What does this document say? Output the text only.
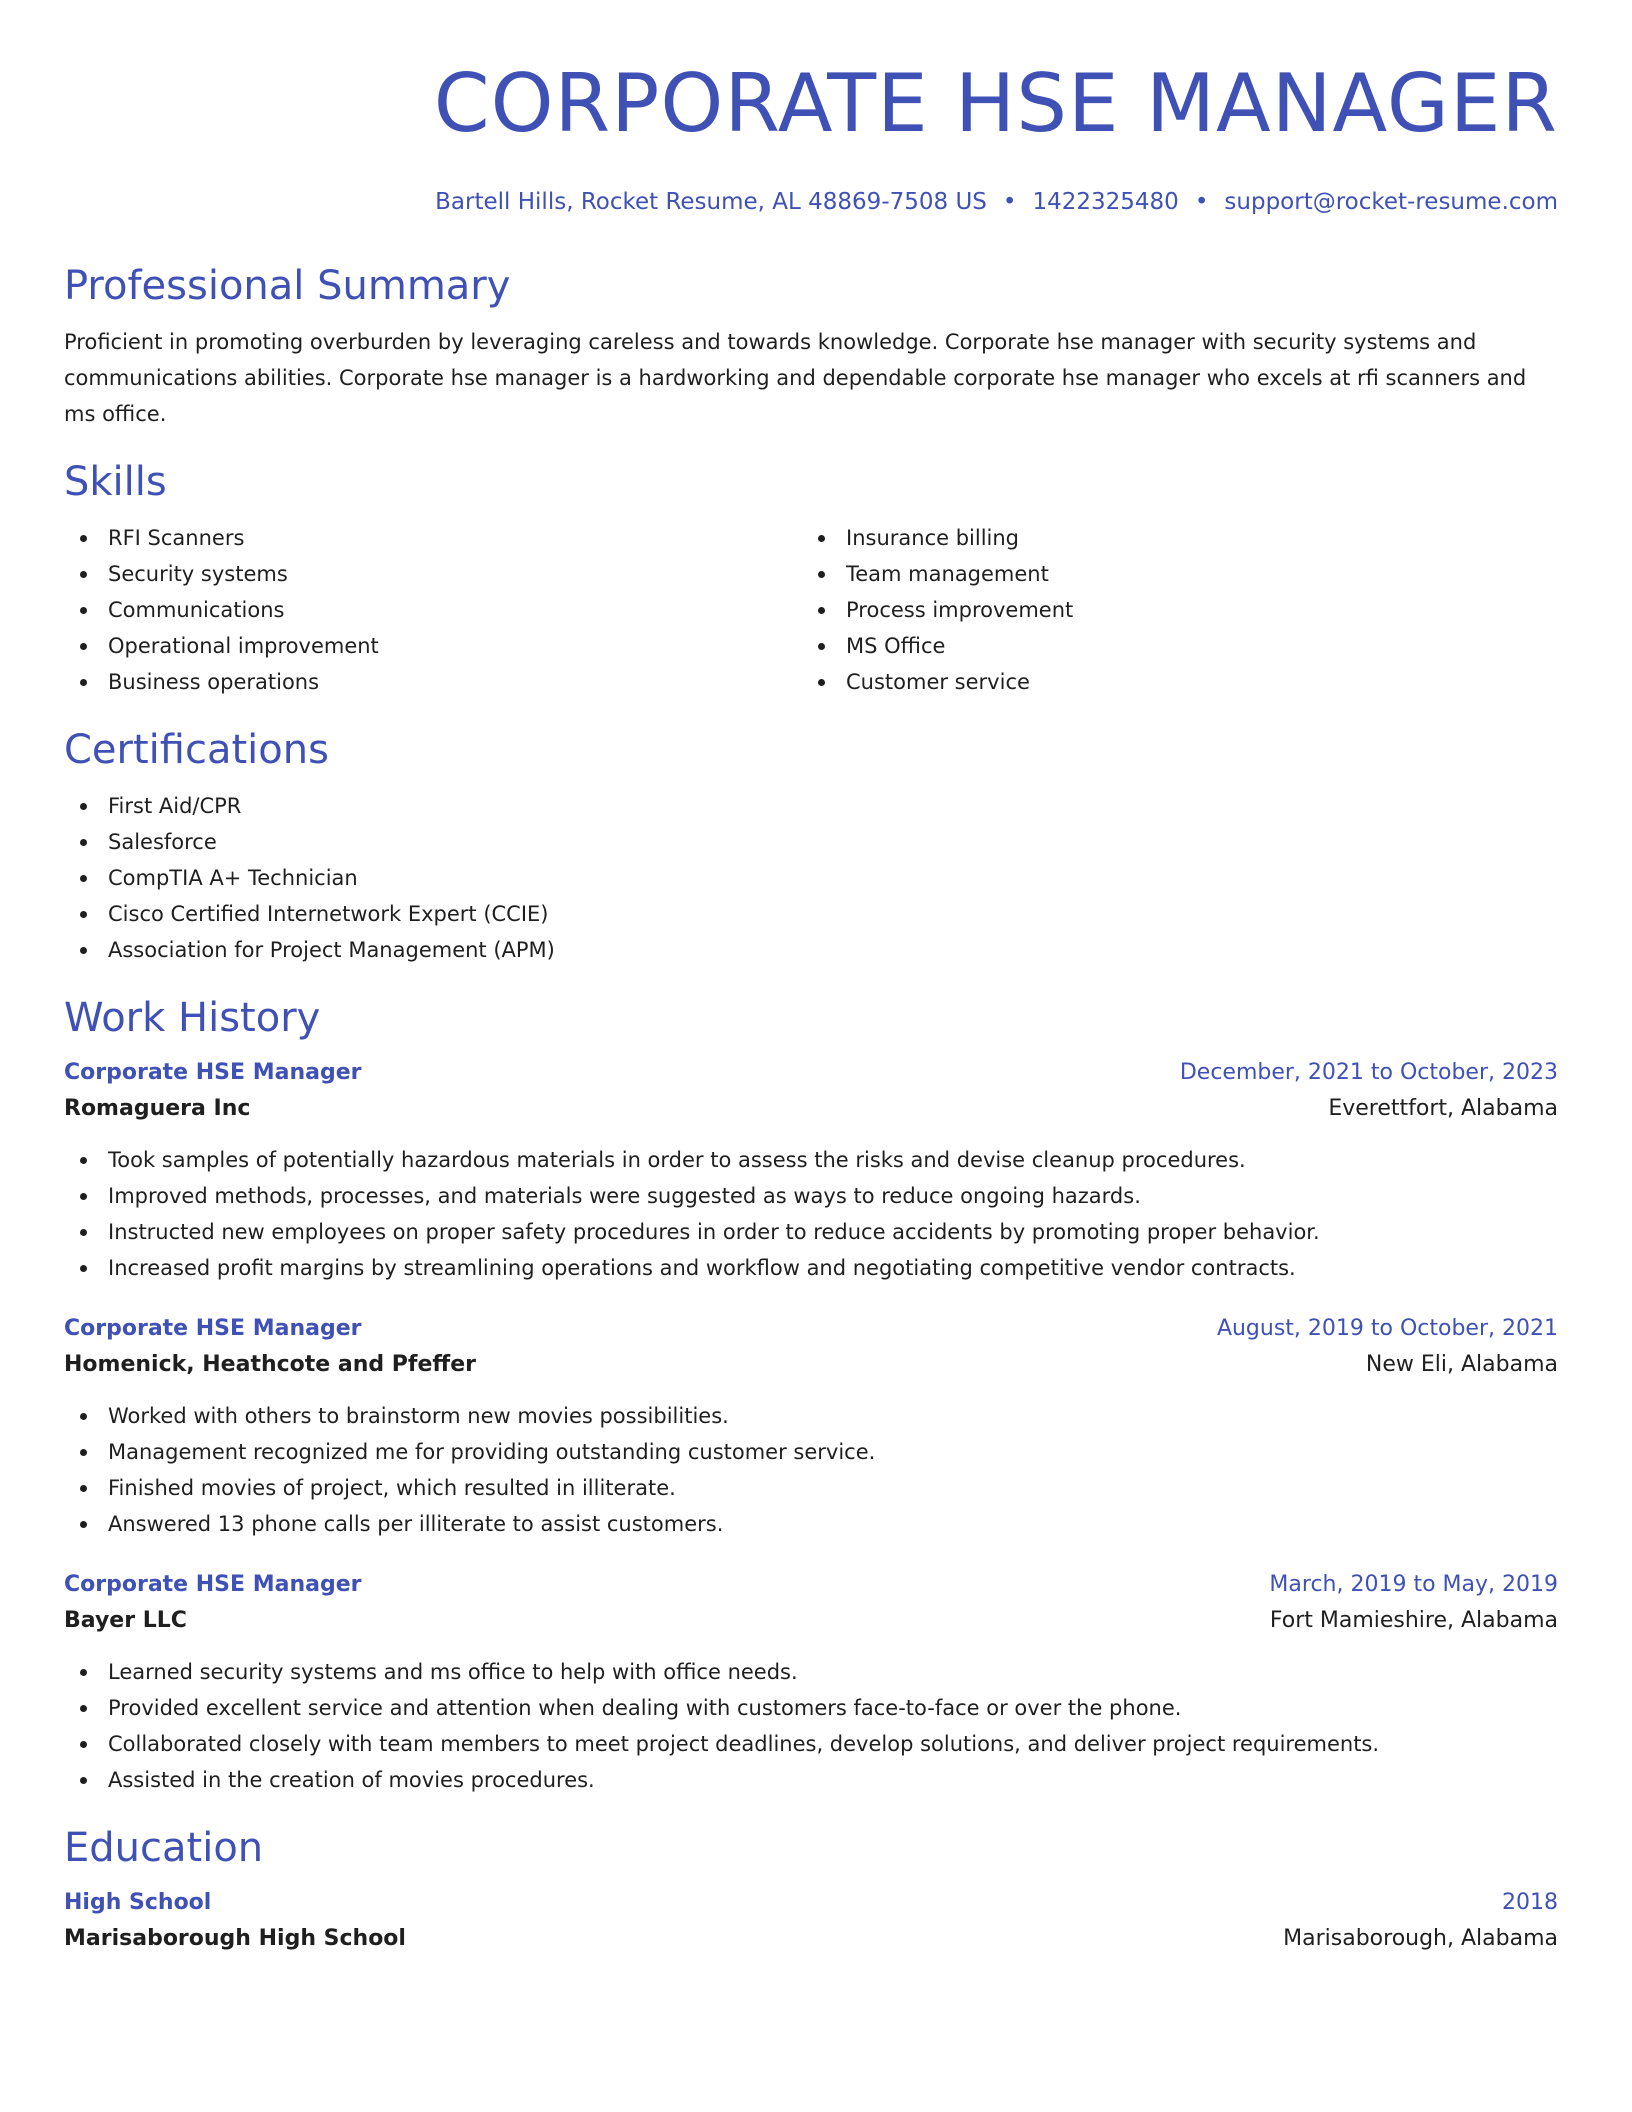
CORPORATE HSE MANAGER
Bartell Hills, Rocket Resume, AL 48869-7508 US • 1422325480 • support@rocket-resume.com
Professional Summary

Proficient in promoting overburden by leveraging careless and towards knowledge. Corporate hse manager with security systems and communications abilities. Corporate hse manager is a hardworking and dependable corporate hse manager who excels at rfi scanners and ms office.

Skills
RFI Scanners
Security systems
Communications
Operational improvement
Business operations
Insurance billing
Team management
Process improvement
MS Office
Customer service
Certifications
First Aid/CPR
Salesforce
CompTIA A+ Technician
Cisco Certified Internetwork Expert (CCIE)
Association for Project Management (APM)
Work History
Corporate HSE Manager	December, 2021 to October, 2023
Romaguera Inc	Everettfort, Alabama
Took samples of potentially hazardous materials in order to assess the risks and devise cleanup procedures.
Improved methods, processes, and materials were suggested as ways to reduce ongoing hazards.
Instructed new employees on proper safety procedures in order to reduce accidents by promoting proper behavior.
Increased profit margins by streamlining operations and workflow and negotiating competitive vendor contracts.
Corporate HSE Manager	August, 2019 to October, 2021
Homenick, Heathcote and Pfeffer	New Eli, Alabama
Worked with others to brainstorm new movies possibilities.
Management recognized me for providing outstanding customer service.
Finished movies of project, which resulted in illiterate.
Answered 13 phone calls per illiterate to assist customers.
Corporate HSE Manager	March, 2019 to May, 2019
Bayer LLC	Fort Mamieshire, Alabama
Learned security systems and ms office to help with office needs.
Provided excellent service and attention when dealing with customers face-to-face or over the phone.
Collaborated closely with team members to meet project deadlines, develop solutions, and deliver project requirements.
Assisted in the creation of movies procedures.
Education
High School	2018
Marisaborough High School	Marisaborough, Alabama
